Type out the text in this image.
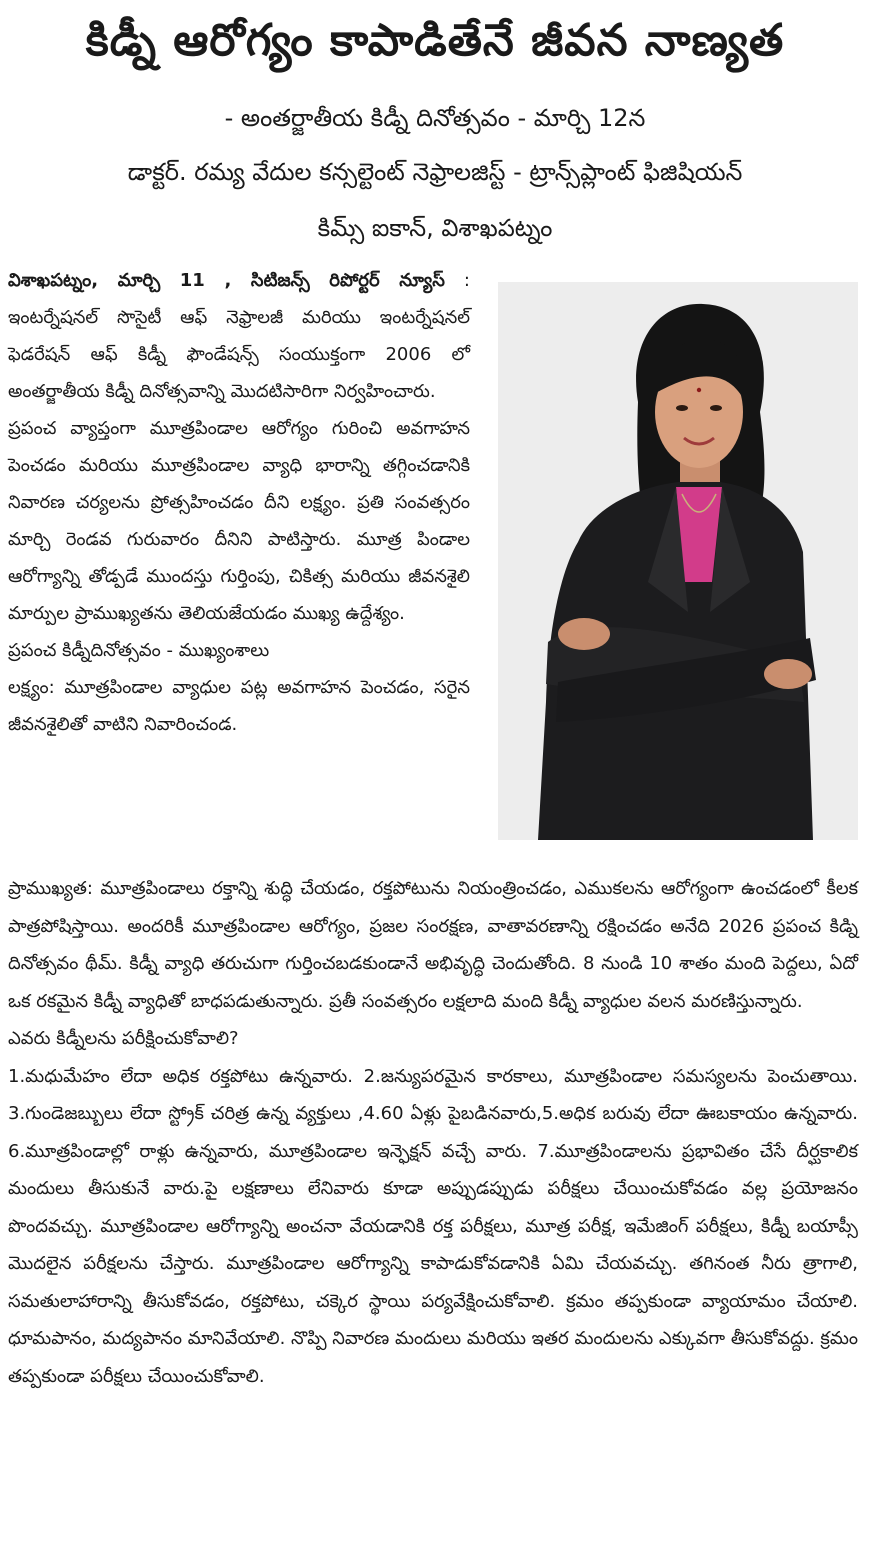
కిడ్నీ ఆరోగ్యం కాపాడితేనే జీవన నాణ్యత
- అంతర్జాతీయ కిడ్నీ దినోత్సవం - మార్చి 12న
డాక్టర్. రమ్య వేదుల కన్సల్టెంట్ నెఫ్రాలజిస్ట్ - ట్రాన్స్‌ప్లాంట్ ఫిజిషియన్
కిమ్స్ ఐకాన్, విశాఖపట్నం

విశాఖపట్నం, మార్చి 11 , సిటిజన్స్ రిపోర్టర్ న్యూస్ : ఇంటర్నేషనల్ సొసైటీ ఆఫ్ నెఫ్రాలజీ మరియు ఇంటర్నేషనల్ ఫెడరేషన్ ఆఫ్ కిడ్నీ ఫౌండేషన్స్ సంయుక్తంగా 2006 లో అంతర్జాతీయ కిడ్నీ దినోత్సవాన్ని మొదటిసారిగా నిర్వహించారు.

ప్రపంచ వ్యాప్తంగా మూత్రపిండాల ఆరోగ్యం గురించి అవగాహన పెంచడం మరియు మూత్రపిండాల వ్యాధి భారాన్ని తగ్గించడానికి నివారణ చర్యలను ప్రోత్సహించడం దీని లక్ష్యం. ప్రతి సంవత్సరం మార్చి రెండవ గురువారం దీనిని పాటిస్తారు. మూత్ర పిండాల ఆరోగ్యాన్ని తోడ్పడే ముందస్తు గుర్తింపు, చికిత్స మరియు జీవనశైలి మార్పుల ప్రాముఖ్యతను తెలియజేయడం ముఖ్య ఉద్దేశ్యం.

ప్రపంచ కిడ్నీదినోత్సవం - ముఖ్యంశాలు

లక్ష్యం: మూత్రపిండాల వ్యాధుల పట్ల అవగాహన పెంచడం, సరైన జీవనశైలితో వాటిని నివారించండ.

ప్రాముఖ్యత: మూత్రపిండాలు రక్తాన్ని శుద్ధి చేయడం, రక్తపోటును నియంత్రించడం, ఎముకలను ఆరోగ్యంగా ఉంచడంలో కీలక పాత్రపోషిస్తాయి. అందరికీ మూత్రపిండాల ఆరోగ్యం, ప్రజల సంరక్షణ, వాతావరణాన్ని రక్షించడం అనేది 2026 ప్రపంచ కిడ్ని దినోత్సవం థీమ్. కిడ్నీ వ్యాధి తరుచుగా గుర్తించబడకుండానే అభివృద్ధి చెందుతోంది. 8 నుండి 10 శాతం మంది పెద్దలు, ఏదో ఒక రకమైన కిడ్నీ వ్యాధితో బాధపడుతున్నారు. ప్రతీ సంవత్సరం లక్షలాది మంది కిడ్నీ వ్యాధుల వలన మరణిస్తున్నారు.

ఎవరు కిడ్నీలను పరీక్షించుకోవాలి?

1.మధుమేహం లేదా అధిక రక్తపోటు ఉన్నవారు. 2.జన్యుపరమైన కారకాలు, మూత్రపిండాల సమస్యలను పెంచుతాయి. 3.గుండెజబ్బులు లేదా స్ట్రోక్ చరిత్ర ఉన్న వ్యక్తులు ,4.60 ఏళ్లు పైబడినవారు,5.అధిక బరువు లేదా ఊబకాయం ఉన్నవారు. 6.మూత్రపిండాల్లో రాళ్లు ఉన్నవారు, మూత్రపిండాల ఇన్ఫెక్షన్ వచ్చే వారు. 7.మూత్రపిండాలను ప్రభావితం చేసే దీర్ఘకాలిక మందులు తీసుకునే వారు.పై లక్షణాలు లేనివారు కూడా అప్పుడప్పుడు పరీక్షలు చేయించుకోవడం వల్ల ప్రయోజనం పొందవచ్చు. మూత్రపిండాల ఆరోగ్యాన్ని అంచనా వేయడానికి రక్త పరీక్షలు, మూత్ర పరీక్ష, ఇమేజింగ్ పరీక్షలు, కిడ్నీ బయాప్సీ మొదలైన పరీక్షలను చేస్తారు. మూత్రపిండాల ఆరోగ్యాన్ని కాపాడుకోవడానికి ఏమి చేయవచ్చు. తగినంత నీరు త్రాగాలి, సమతులాహారాన్ని తీసుకోవడం, రక్తపోటు, చక్కెర స్థాయి పర్యవేక్షించుకోవాలి. క్రమం తప్పకుండా వ్యాయామం చేయాలి. ధూమపానం, మద్యపానం మానివేయాలి. నొప్పి నివారణ మందులు మరియు ఇతర మందులను ఎక్కువగా తీసుకోవద్దు. క్రమం తప్పకుండా పరీక్షలు చేయించుకోవాలి.
